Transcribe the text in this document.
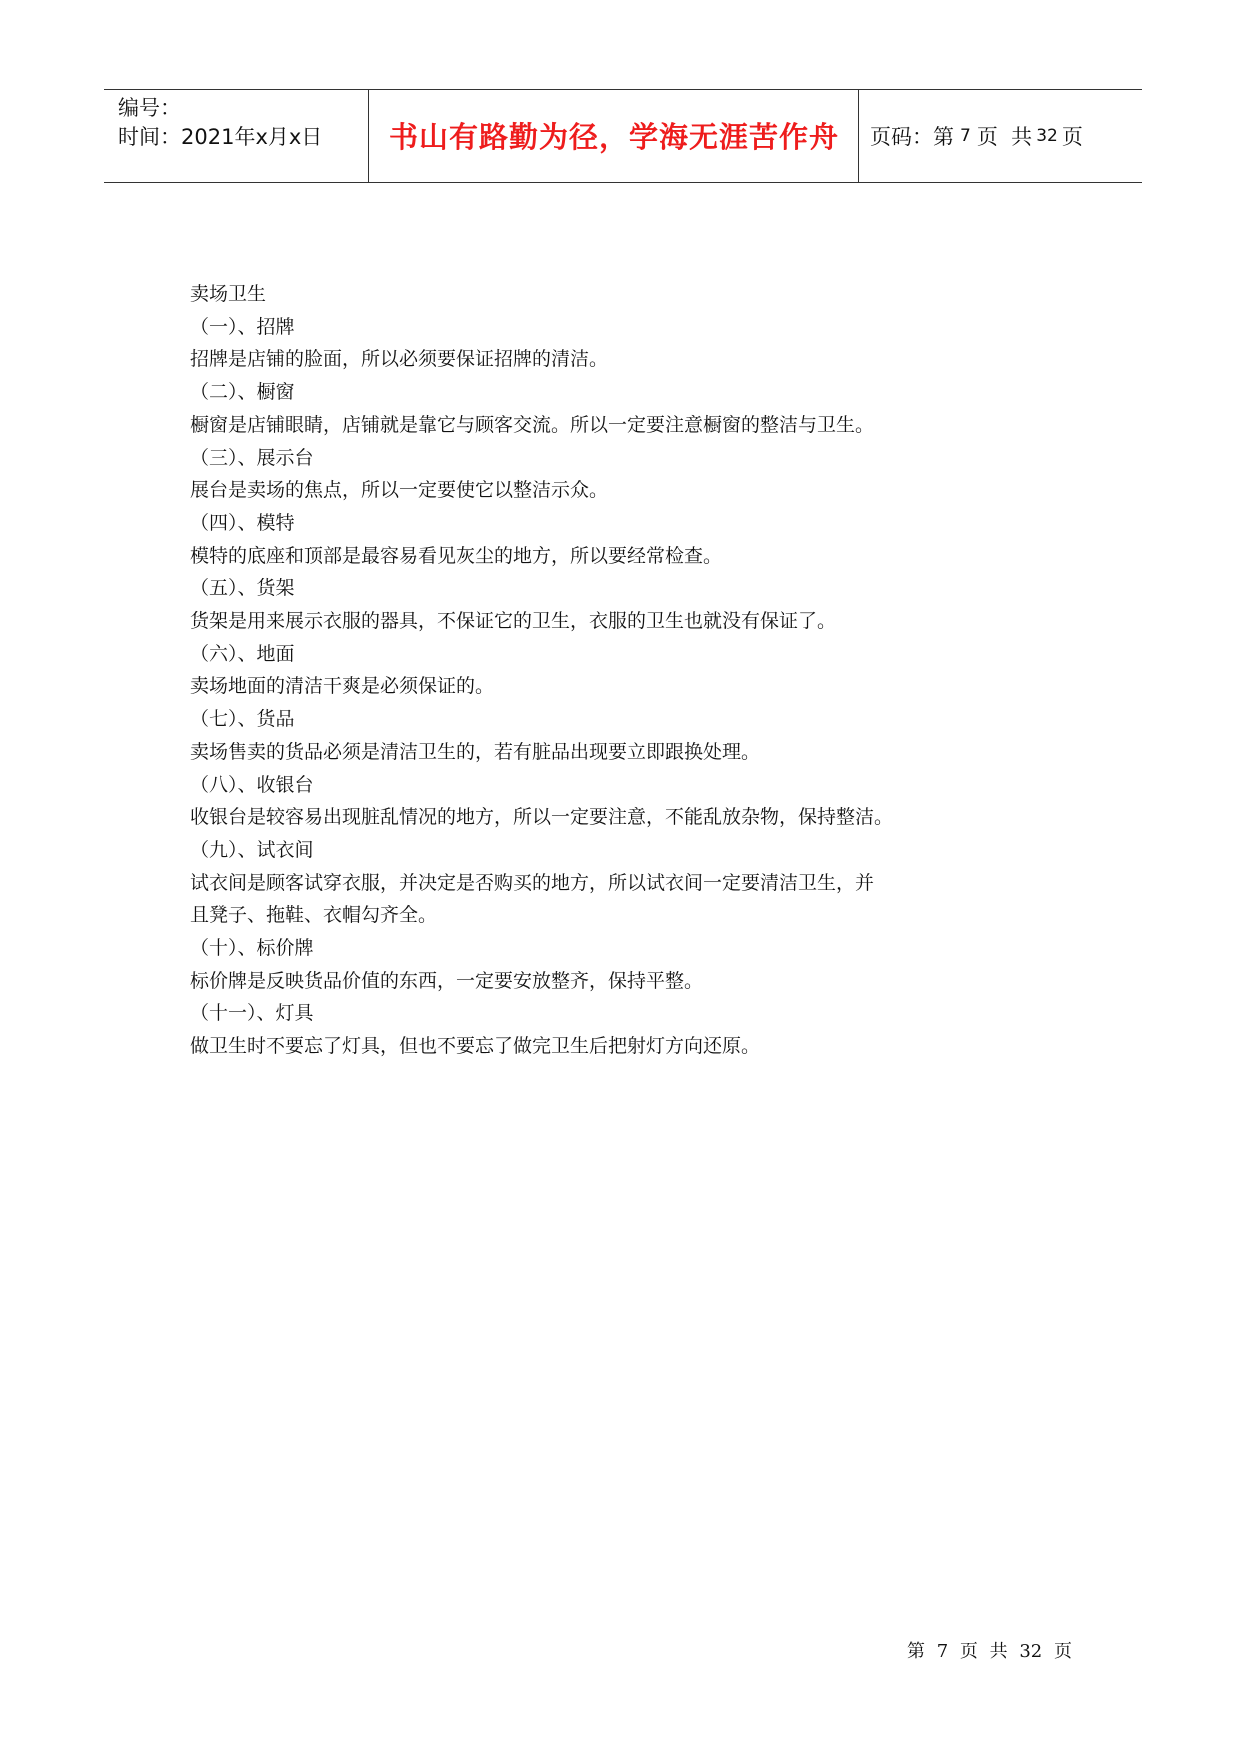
编号：
时间：2021年x月x日	书山有路勤为径，学海无涯苦作舟	页码：第 7 页  共 32 页

卖场卫生

（一）、招牌

招牌是店铺的脸面，所以必须要保证招牌的清洁。

（二）、橱窗

橱窗是店铺眼睛，店铺就是靠它与顾客交流。所以一定要注意橱窗的整洁与卫生。

（三）、展示台

展台是卖场的焦点，所以一定要使它以整洁示众。

（四）、模特

模特的底座和顶部是最容易看见灰尘的地方，所以要经常检查。

（五）、货架

货架是用来展示衣服的器具，不保证它的卫生，衣服的卫生也就没有保证了。

（六）、地面

卖场地面的清洁干爽是必须保证的。

（七）、货品

卖场售卖的货品必须是清洁卫生的，若有脏品出现要立即跟换处理。

（八）、收银台

收银台是较容易出现脏乱情况的地方，所以一定要注意，不能乱放杂物，保持整洁。

（九）、试衣间

试衣间是顾客试穿衣服，并决定是否购买的地方，所以试衣间一定要清洁卫生，并

且凳子、拖鞋、衣帽勾齐全。

（十）、标价牌

标价牌是反映货品价值的东西，一定要安放整齐，保持平整。

（十一）、灯具

做卫生时不要忘了灯具，但也不要忘了做完卫生后把射灯方向还原。

第 7 页 共 32 页
